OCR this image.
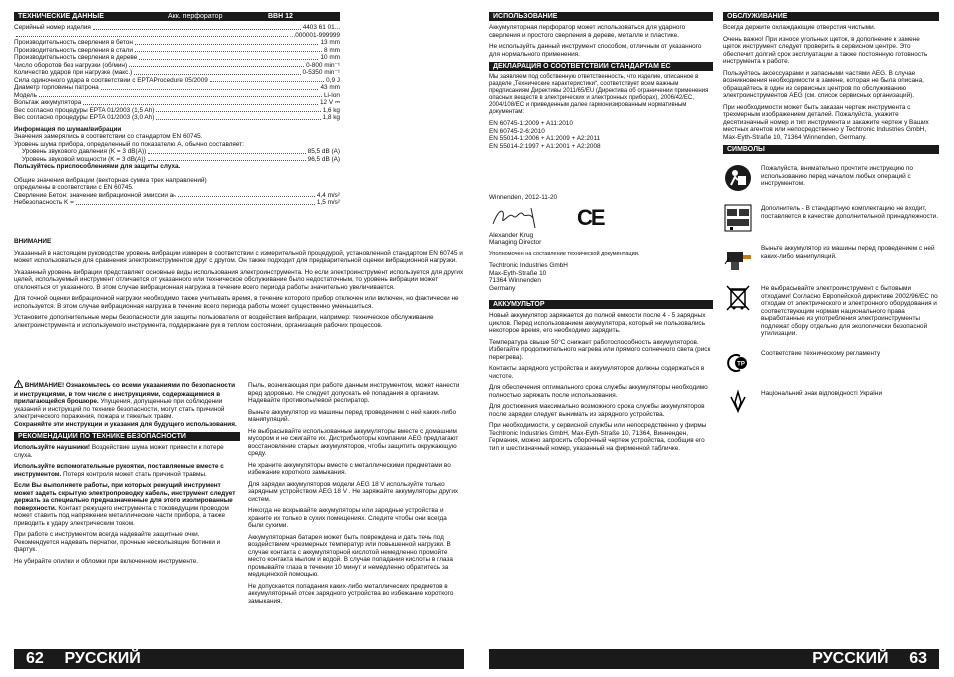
ТЕХНИЧЕСКИЕ ДАННЫЕ	Акк. перфоратор	BBH 12
Серийный номер изделия	4403 61 01...
...000001-999999
Производительность сверления в бетон	13 mm
Производительность сверления в стали	8 mm
Производительность сверления в дереве	10 mm
Число оборотов без нагрузки (об/мин)	0-800 min⁻¹
Количество ударов при нагрузке (макс.)	0-5350 min⁻¹
Сила одиночного удара в соответствии с EPTAProcedure 05/2009	0,9 J
Диаметр горловины патрона	43 mm
Модель	Li-Ion
Вольтаж аккумулятора	12 V ⎓
Вес согласно процедуры EPTA 01/2003 (1,5 Ah)	1,6 kg
Вес согласно процедуры EPTA 01/2003 (3,0 Ah)	1,8 kg
Информация по шумам/вибрации
Значения замерялись в соответствии со стандартом EN 60745.
Уровень шума прибора, определенный по показателю A, обычно составляет:
Уровень звукового давления (K = 3 dB(A))	85,5 dB (A)
Уровень звуковой мощности (K = 3 dB(A))	96,5 dB (A)
Пользуйтесь приспособлениями для защиты слуха.
Общие значения вибрации (векторная сумма трех направлений) определены в соответствии с EN 60745.
Сверление Бетон: значение вибрационной эмиссии aₕ	4,4 m/s²
Небезопасность K =	1,5 m/s²
ВНИМАНИЕ
Указанный в настоящем руководстве уровень вибрации измерен в соответствии с измерительной процедурой, установленной стандартом EN 60745 и может использоваться для сравнения электроинструментов друг с другом. Он также подходит для предварительной оценки вибрационной нагрузки.
Указанный уровень вибрации представляет основные виды использования электроинструмента. Но если электроинструмент используется для других целей, используемый инструмент отличается от указанного или техническое обслуживание было недостаточным, то уровень вибрации может отклоняться от указанного. В этом случае вибрационная нагрузка в течение всего периода работы значительно увеличивается.
Для точной оценки вибрационной нагрузки необходимо также учитывать время, в течение которого прибор отключен или включен, но фактически не используется. В этом случае вибрационная нагрузка в течение всего периода работы может существенно уменьшиться.
Установите дополнительные меры безопасности для защиты пользователя от воздействия вибрации, например: техническое обслуживание электроинструмента и используемого инструмента, поддержание рук в теплом состоянии, организация рабочих процессов.
ВНИМАНИЕ! Ознакомьтесь со всеми указаниями по безопасности и инструкциями, в том числе с инструкциями, содержащимися в прилагающейся брошюре. Упущения, допущенные при соблюдении указаний и инструкций по технике безопасности, могут стать причиной электрического поражения, пожара и тяжелых травм.
Сохраняйте эти инструкции и указания для будущего использования.
РЕКОМЕНДАЦИИ ПО ТЕХНИКЕ БЕЗОПАСНОСТИ
Используйте наушники! Воздействие шума может привести к потере слуха.
Используйте вспомогательные рукоятки, поставляемые вместе с инструментом. Потеря контроля может стать причиной травмы.
Если Вы выполняете работы, при которых режущий инструмент может задеть скрытую электропроводку кабель, инструмент следует держать за специально предназначенные для этого изолированные поверхности. Контакт режущего инструмента с токоведущим проводом может ставить под напряжение металлические части прибора, а также приводить к удару электрическим током.
При работе с инструментом всегда надевайте защитные очки. Рекомендуется надевать перчатки, прочные нескользящие ботинки и фартук.
Не убирайте опилки и обломки при включенном инструменте.
Пыль, возникающая при работе данным инструментом, может нанести вред здоровью. Не следует допускать её попадания в организм. Надевайте противопылевой респиратор.
Выньте аккумулятор из машины перед проведением с ней каких-либо манипуляций.
Не выбрасывайте использованные аккумуляторы вместе с домашним мусором и не сжигайте их. Дистрибьюторы компании AEG предлагают восстановление старых аккумуляторов, чтобы защитить окружающую среду.
Не храните аккумуляторы вместе с металлическими предметами во избежание короткого замыкания.
Для зарядки аккумуляторов модели AEG 18 V используйте только зарядным устройством AEG 18 V . Не заряжайте аккумуляторы других систем.
Никогда не вскрывайте аккумуляторы или зарядные устройства и храните их только в сухих помещениях. Следите чтобы они всегда были сухими.
Аккумуляторная батарея может быть повреждена и дать течь под воздействием чрезмерных температур или повышенной нагрузки. В случае контакта с аккумуляторной кислотой немедленно промойте место контакта мылом и водой. В случае попадания кислоты в глаза промывайте глаза в течении 10 минут и немедленно обратитесь за медицинской помощью.
Не допускается попадания каких-либо металлических предметов в аккумуляторный отсек зарядного устройства во избежание короткого замыкания.
62 РУССКИЙ
ИСПОЛЬЗОВАНИЕ
Аккумуляторная перфоратор может использоваться для ударного сверления и простого сверления в дереве, металле и пластике.
Не используйть данный инструмент способом, отличным от указанного для нормального применения.
ДЕКЛАРАЦИЯ О СООТВЕТСТВИИ СТАНДАРТАМ ЕС
Мы заявляем под собственную ответственность, что изделие, описанное в разделе „Технические характеристики“, соответствует всем важным предписаниям Директивы 2011/65/EU (Директива об ограничении применения опасных веществ в электрических и электронных приборах), 2006/42/EC, 2004/108/EC и приведенным далее гармонизированным нормативным документам:
EN 60745-1:2009 + A11:2010
EN 60745-2-6:2010
EN 55014-1:2006 + A1:2009 + A2:2011
EN 55014-2:1997 + A1:2001 + A2:2008
Winnenden, 2012-11-20
CE
Alexander Krug
Managing Director
Уполномочен на составление технической документации.
Techtronic Industries GmbH
Max-Eyth-Straße 10
71364 Winnenden
Germany
АККУМУЛЬТОР
Новый аккумулятор заряжается до полной емкости после 4 - 5 зарядных циклов. Перед использованием аккумулятора, который не пользовались некоторое время, его необходимо зарядить.
Температура свыше 50°C снижает работоспособность аккумуляторов. Избегайте продолжительного нагрева или прямого солнечного света (риск перегрева).
Контакты зарядного устройства и аккумуляторов должны содержаться в чистоте.
Для обеспечения оптимального срока службы аккумуляторы необходимо полностью заряжать после использования.
Для достижения максимально возможного срока службы аккумуляторов после зарядки следует вынимать из зарядного устройства.
При необходимости, у сервисной службы или непосредственно у фирмы Techtronic Industries GmbH, Max-Eyth-Straße 10, 71364, Винненден, Германия, можно запросить сборочный чертеж устройства, сообщив его тип и шестизначный номер, указанный на фирменной табличке.
ОБСЛУЖИВАНИЕ
Всегда держите охлаждающие отверстия чистыми.
Очень важно! При износе угольных щеток, в дополнение к замене щеток инструмент следует проверить в сервисном центре. Это обеспечит долгий срок эксплуатации а также постоянную готовность инструмента к работе.
Пользуйтесь аксессуарами и запасными частями AEG. В случае возникновения необходимости в замене, которая не была описана, обращайтесь в один из сервисных центров по обслуживанию электроинструментов AEG (см. список сервисных организаций).
При необходимости может быть заказан чертеж инструмента с трехмерным изображением деталей. Пожалуйста, укажите десятизначный номер и тип инструмента и закажите чертеж у Ваших местных агентов или непосредственно у Techtronic Industries GmbH, Max-Eyth-Straße 10, 71364 Winnenden, Germany.
СИМВОЛЫ
Пожалуйста, внимательно прочтите инструкцию по использованию перед началом любых операций с инструментом.
Дополнитель - В стандартную комплектацию не входит, поставляется в качестве дополнительной принадлежности.
Выньте аккумулятор из машины перед проведением с ней каких-либо манипуляций.
Не выбрасывайте электроинструмент с бытовыми отходами! Согласно Европейской директиве 2002/96/EC по отходам от электрического и электронного оборудования и соответствующим нормам национального права выработанные из употребления электроинструменты подлежат сбору отдельно для экологически безопасной утилизации.
TP
Соответствие техническому регламенту
Національний знак відповідності України
РУССКИЙ 63
